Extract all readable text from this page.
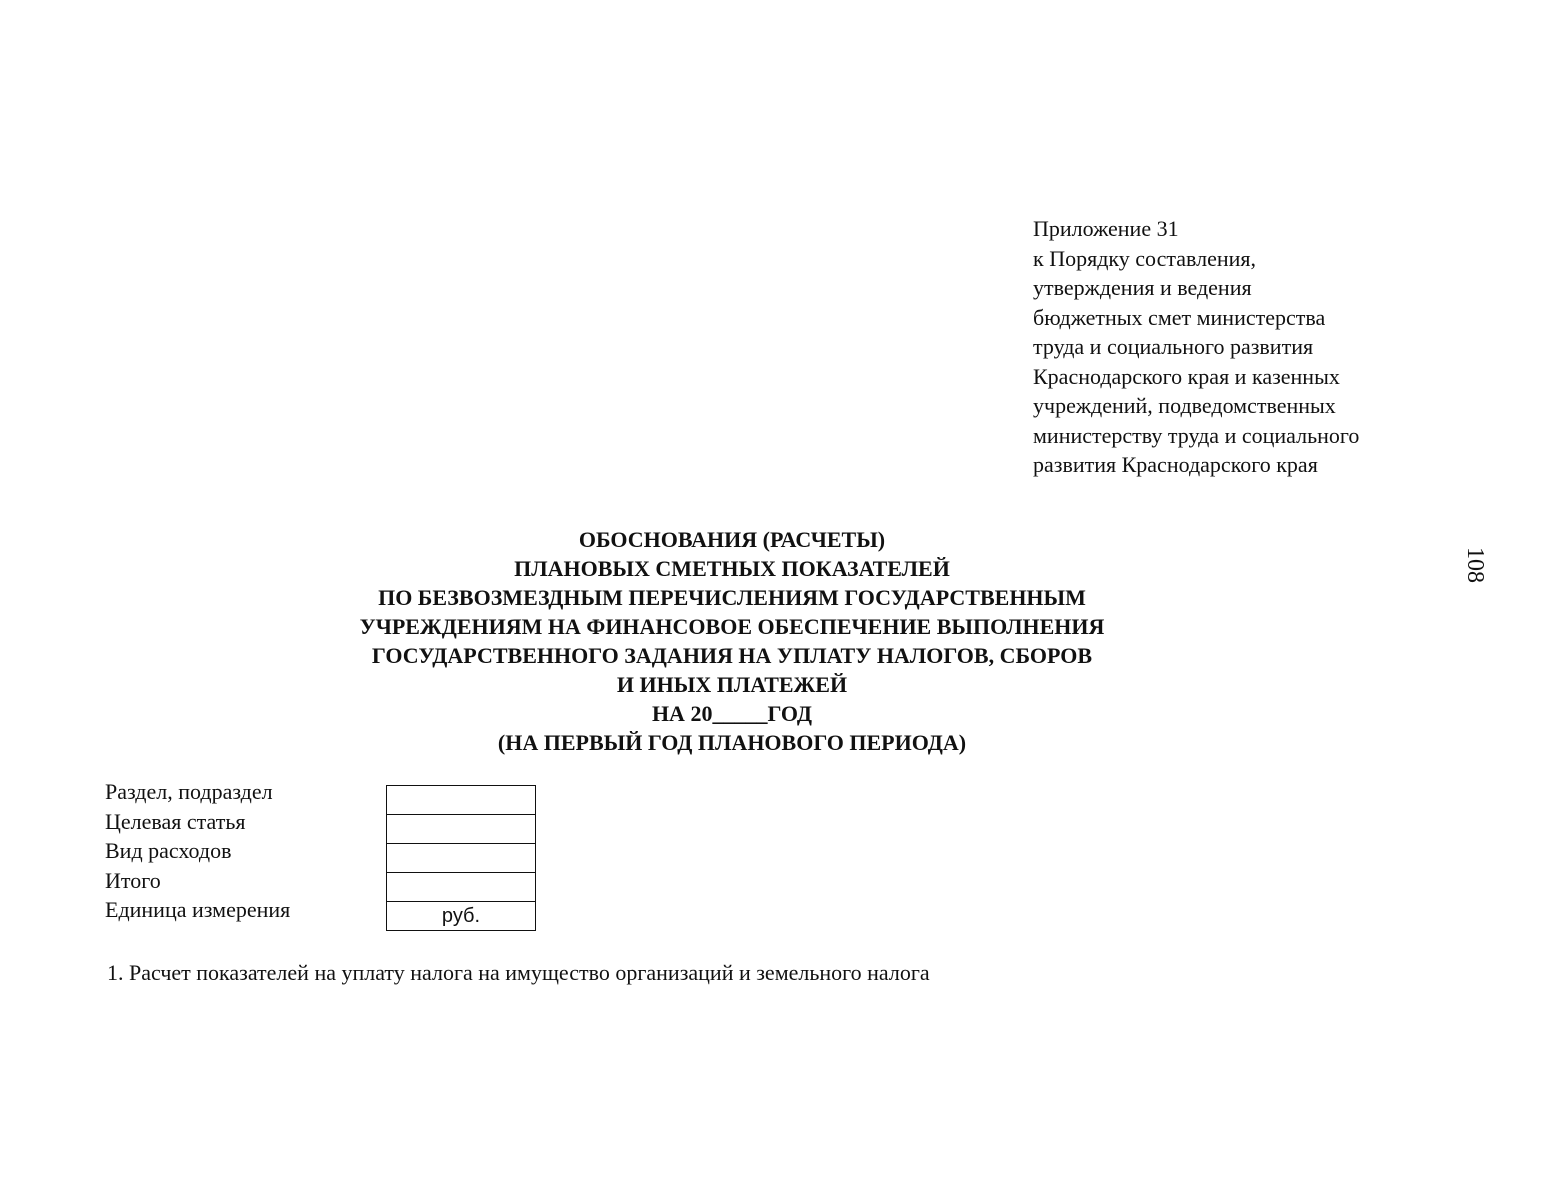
Приложение 31
к Порядку составления,
утверждения и ведения
бюджетных смет министерства
труда и социального развития
Краснодарского края и казенных
учреждений, подведомственных
министерству труда и социального
развития Краснодарского края
108
ОБОСНОВАНИЯ (РАСЧЕТЫ)
ПЛАНОВЫХ СМЕТНЫХ ПОКАЗАТЕЛЕЙ
ПО БЕЗВОЗМЕЗДНЫМ ПЕРЕЧИСЛЕНИЯМ ГОСУДАРСТВЕННЫМ
УЧРЕЖДЕНИЯМ НА ФИНАНСОВОЕ ОБЕСПЕЧЕНИЕ ВЫПОЛНЕНИЯ
ГОСУДАРСТВЕННОГО ЗАДАНИЯ НА УПЛАТУ НАЛОГОВ, СБОРОВ
И ИНЫХ ПЛАТЕЖЕЙ
НА 20_____ГОД
(НА ПЕРВЫЙ ГОД ПЛАНОВОГО ПЕРИОДА)
Раздел, подраздел
Целевая статья
Вид расходов
Итого
Единица измерения	руб.
1. Расчет показателей на уплату налога на имущество организаций и земельного налога
